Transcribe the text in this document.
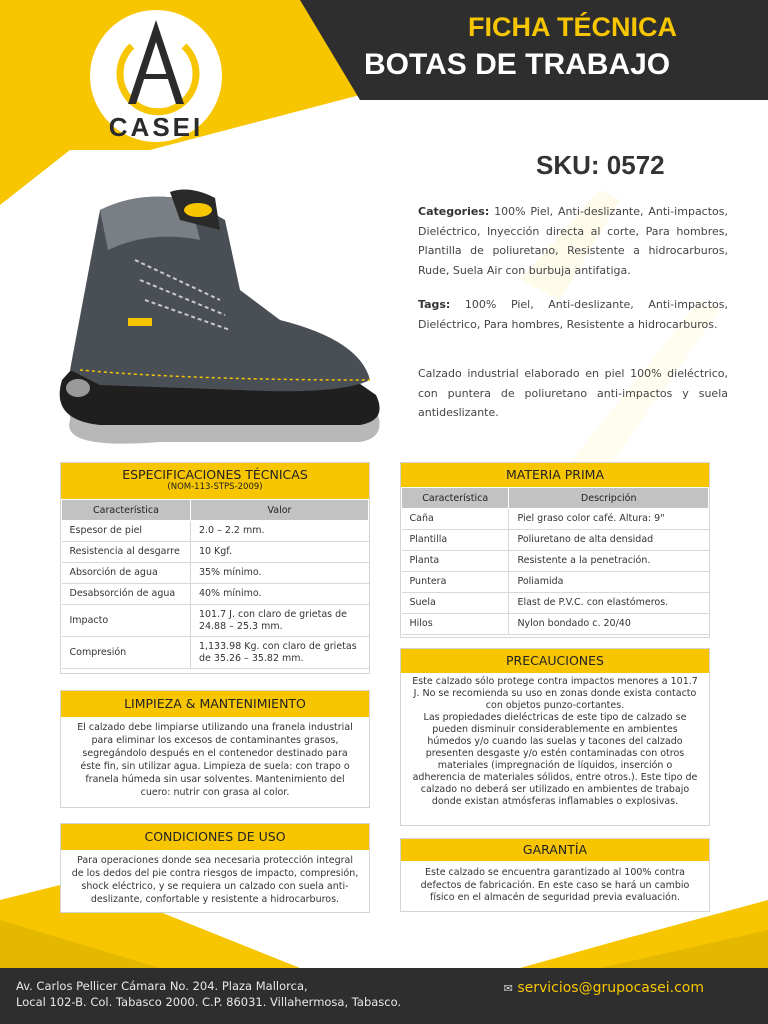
CASEI
FICHA TÉCNICA
BOTAS DE TRABAJO
SKU: 0572
Categories: 100% Piel, Anti-deslizante, Anti-impactos, Dieléctrico, Inyección directa al corte, Para hombres, Plantilla de poliuretano, Resistente a hidrocarburos, Rude, Suela Air con burbuja antifatiga.
Tags: 100% Piel, Anti-deslizante, Anti-impactos, Dieléctrico, Para hombres, Resistente a hidrocarburos.
Calzado industrial elaborado en piel 100% dieléctrico, con puntera de poliuretano anti-impactos y suela antideslizante.
ESPECIFICACIONES TÉCNICAS
(NOM-113-STPS-2009)
Característica	Valor
Espesor de piel	2.0 – 2.2 mm.
Resistencia al desgarre	10 Kgf.
Absorción de agua	35% mínimo.
Desabsorción de agua	40% mínimo.
Impacto	101.7 J. con claro de grietas de 24.88 – 25.3 mm.
Compresión	1,133.98 Kg. con claro de grietas de 35.26 – 35.82 mm.
LIMPIEZA & MANTENIMIENTO
El calzado debe limpiarse utilizando una franela industrial para eliminar los excesos de contaminantes grasos, segregándolo después en el contenedor destinado para éste fin, sin utilizar agua. Limpieza de suela: con trapo o franela húmeda sin usar solventes. Mantenimiento del cuero: nutrir con grasa al color.
CONDICIONES DE USO
Para operaciones donde sea necesaria protección integral de los dedos del pie contra riesgos de impacto, compresión, shock eléctrico, y se requiera un calzado con suela anti-deslizante, confortable y resistente a hidrocarburos.
MATERIA PRIMA
Característica	Descripción
Caña	Piel graso color café. Altura: 9"
Plantilla	Poliuretano de alta densidad
Planta	Resistente a la penetración.
Puntera	Poliamida
Suela	Elast de P.V.C. con elastómeros.
Hilos	Nylon bondado c. 20/40
PRECAUCIONES
Este calzado sólo protege contra impactos menores a 101.7 J. No se recomienda su uso en zonas donde exista contacto con objetos punzo-cortantes.
Las propiedades dieléctricas de este tipo de calzado se pueden disminuir considerablemente en ambientes húmedos y/o cuando las suelas y tacones del calzado presenten desgaste y/o estén contaminadas con otros materiales (impregnación de líquidos, inserción o adherencia de materiales sólidos, entre otros.). Este tipo de calzado no deberá ser utilizado en ambientes de trabajo donde existan atmósferas inflamables o explosivas.
GARANTÍA
Este calzado se encuentra garantizado al 100% contra defectos de fabricación. En este caso se hará un cambio físico en el almacén de seguridad previa evaluación.
Av. Carlos Pellicer Cámara No. 204. Plaza Mallorca,
Local 102-B. Col. Tabasco 2000. C.P. 86031. Villahermosa, Tabasco.
✉ servicios@grupocasei.com
